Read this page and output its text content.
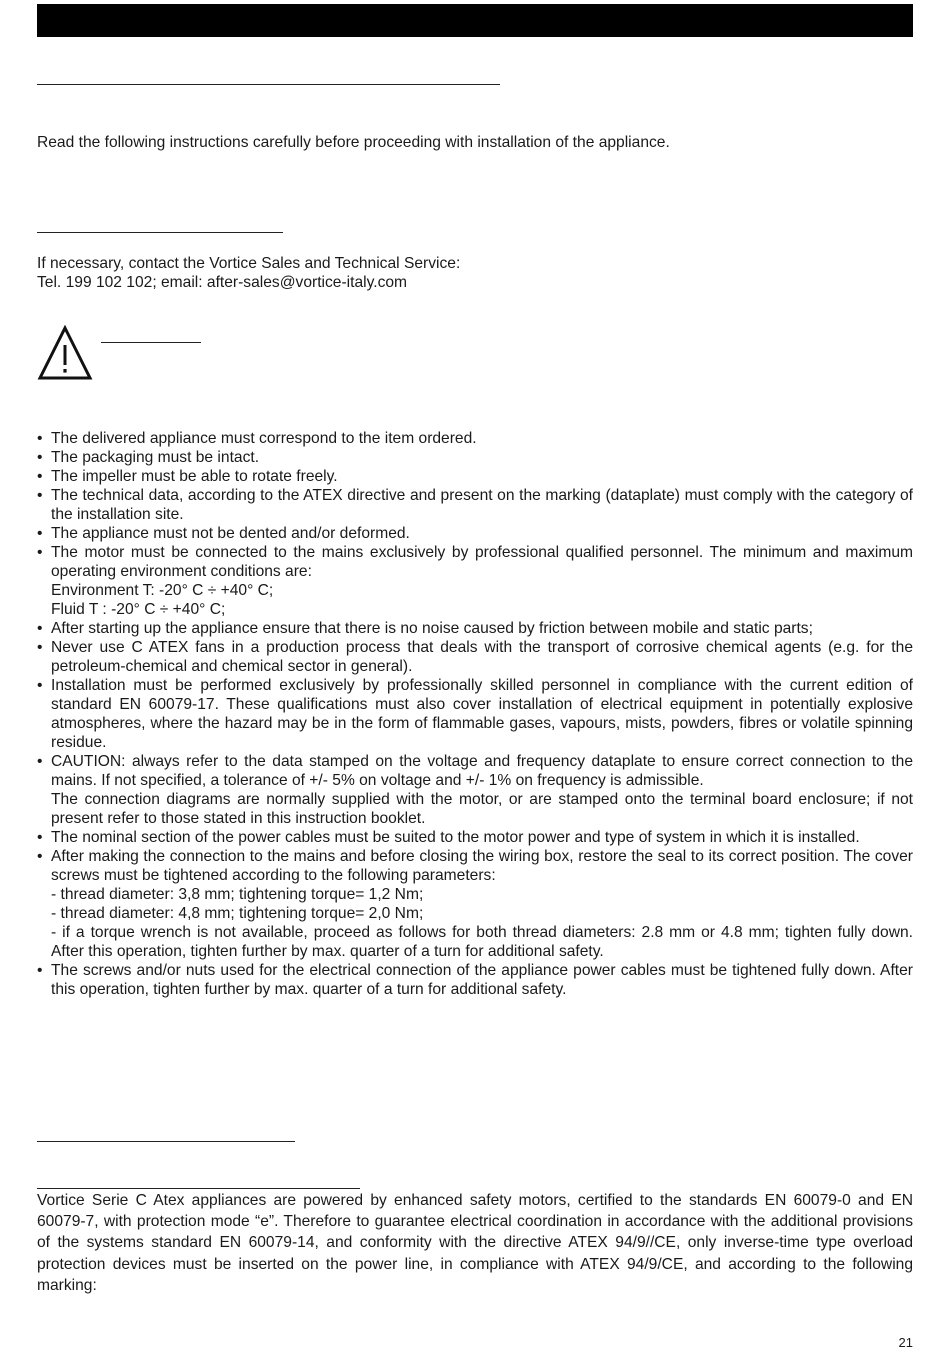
Read the following instructions carefully before proceeding with installation of the appliance.
If necessary, contact the Vortice Sales and Technical Service:
Tel. 199 102 102; email: after-sales@vortice-italy.com
• The delivered appliance must correspond to the item ordered.
• The packaging must be intact.
• The impeller must be able to rotate freely.
• The technical data, according to the ATEX directive and present on the marking (dataplate) must comply with the category of the installation site.
• The appliance must not be dented and/or deformed.
• The motor must be connected to the mains exclusively by professional qualified personnel. The minimum and maximum operating environment conditions are:
Environment T: -20° C ÷ +40° C;
Fluid T : -20° C ÷ +40° C;
• After starting up the appliance ensure that there is no noise caused by friction between mobile and static parts;
• Never use C ATEX fans in a production process that deals with the transport of corrosive chemical agents (e.g. for the petroleum-chemical and chemical sector in general).
• Installation must be performed exclusively by professionally skilled personnel in compliance with the current edition of standard EN 60079-17. These qualifications must also cover installation of electrical equipment in potentially explosive atmospheres, where the hazard may be in the form of flammable gases, vapours, mists, powders, fibres or volatile spinning residue.
• CAUTION: always refer to the data stamped on the voltage and frequency dataplate to ensure correct connection to the mains. If not specified, a tolerance of +/- 5% on voltage and +/- 1% on frequency is admissible.
The connection diagrams are normally supplied with the motor, or are stamped onto the terminal board enclosure; if not present refer to those stated in this instruction booklet.
• The nominal section of the power cables must be suited to the motor power and type of system in which it is installed.
• After making the connection to the mains and before closing the wiring box, restore the seal to its correct position. The cover screws must be tightened according to the following parameters:
- thread diameter: 3,8 mm; tightening torque= 1,2 Nm;
- thread diameter: 4,8 mm; tightening torque= 2,0 Nm;
- if a torque wrench is not available, proceed as follows for both thread diameters: 2.8 mm or 4.8 mm; tighten fully down. After this operation, tighten further by max. quarter of a turn for additional safety.
• The screws and/or nuts used for the electrical connection of the appliance power cables must be tightened fully down. After this operation, tighten further by max. quarter of a turn for additional safety.

Vortice Serie C Atex appliances are powered by enhanced safety motors, certified to the standards EN 60079-0 and EN 60079-7, with protection mode “e”. Therefore to guarantee electrical coordination in accordance with the additional provisions of the systems standard EN 60079-14, and conformity with the directive ATEX 94/9//CE, only inverse-time type overload protection devices must be inserted on the power line, in compliance with ATEX 94/9/CE, and according to the following marking:

21
